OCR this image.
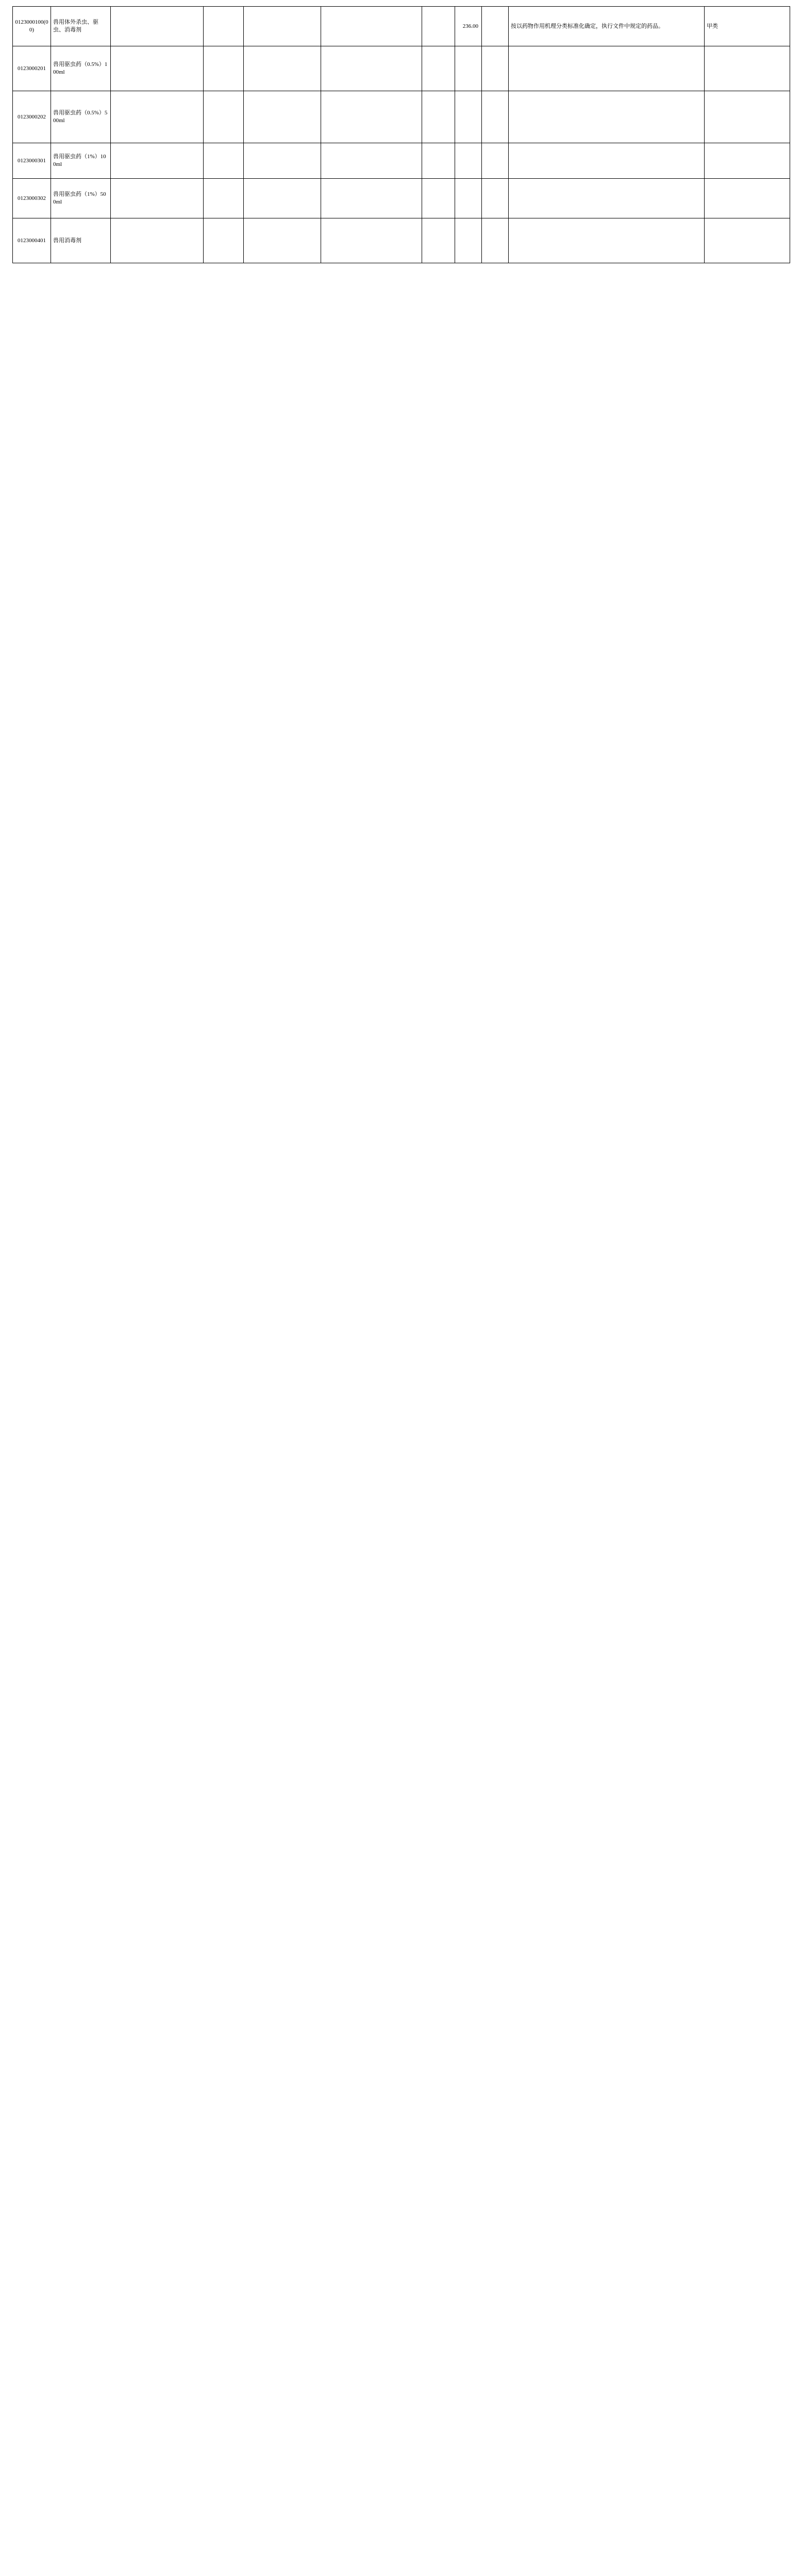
0123000100(00)	兽用体外杀虫、驱虫、消毒剂						236.00		按以药物作用机理分类标准化确定，执行文件中规定的药品。	甲类
0123000201	兽用驱虫药（0.5%）100ml									
0123000202	兽用驱虫药（0.5%）500ml									
0123000301	兽用驱虫药（1%）100ml									
0123000302	兽用驱虫药（1%）500ml									
0123000401	兽用消毒剂									
